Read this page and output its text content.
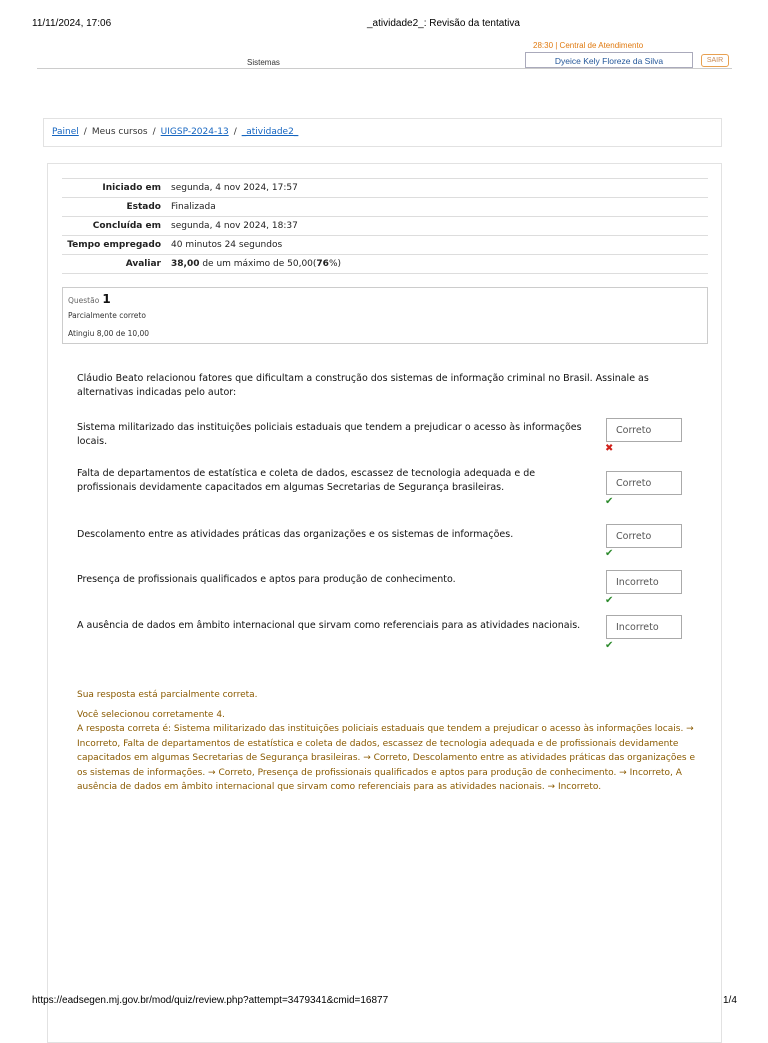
11/11/2024, 17:06	_atividade2_: Revisão da tentativa
28:30 | Central de Atendimento
Sistemas	Dyeice Kely Floreze da Silva	SAIR
Painel / Meus cursos / UIGSP-2024-13 / _atividade2_
Iniciado em	segunda, 4 nov 2024, 17:57
Estado	Finalizada
Concluída em	segunda, 4 nov 2024, 18:37
Tempo empregado	40 minutos 24 segundos
Avaliar	38,00 de um máximo de 50,00(76%)
Questão 1
Parcialmente correto
Atingiu 8,00 de 10,00
Cláudio Beato relacionou fatores que dificultam a construção dos sistemas de informação criminal no Brasil. Assinale as alternativas indicadas pelo autor:
Sistema militarizado das instituições policiais estaduais que tendem a prejudicar o acesso às informações locais.
Correto
✖
Falta de departamentos de estatística e coleta de dados, escassez de tecnologia adequada e de profissionais devidamente capacitados em algumas Secretarias de Segurança brasileiras.	Correto
✔
Descolamento entre as atividades práticas das organizações e os sistemas de informações.	Correto
✔
Presença de profissionais qualificados e aptos para produção de conhecimento.	Incorreto
✔
A ausência de dados em âmbito internacional que sirvam como referenciais para as atividades nacionais.	Incorreto
✔
Sua resposta está parcialmente correta.
Você selecionou corretamente 4.
A resposta correta é: Sistema militarizado das instituições policiais estaduais que tendem a prejudicar o acesso às informações locais. → Incorreto, Falta de departamentos de estatística e coleta de dados, escassez de tecnologia adequada e de profissionais devidamente capacitados em algumas Secretarias de Segurança brasileiras. → Correto, Descolamento entre as atividades práticas das organizações e os sistemas de informações. → Correto, Presença de profissionais qualificados e aptos para produção de conhecimento. → Incorreto, A ausência de dados em âmbito internacional que sirvam como referenciais para as atividades nacionais. → Incorreto.
https://eadsegen.mj.gov.br/mod/quiz/review.php?attempt=3479341&cmid=16877	1/4
